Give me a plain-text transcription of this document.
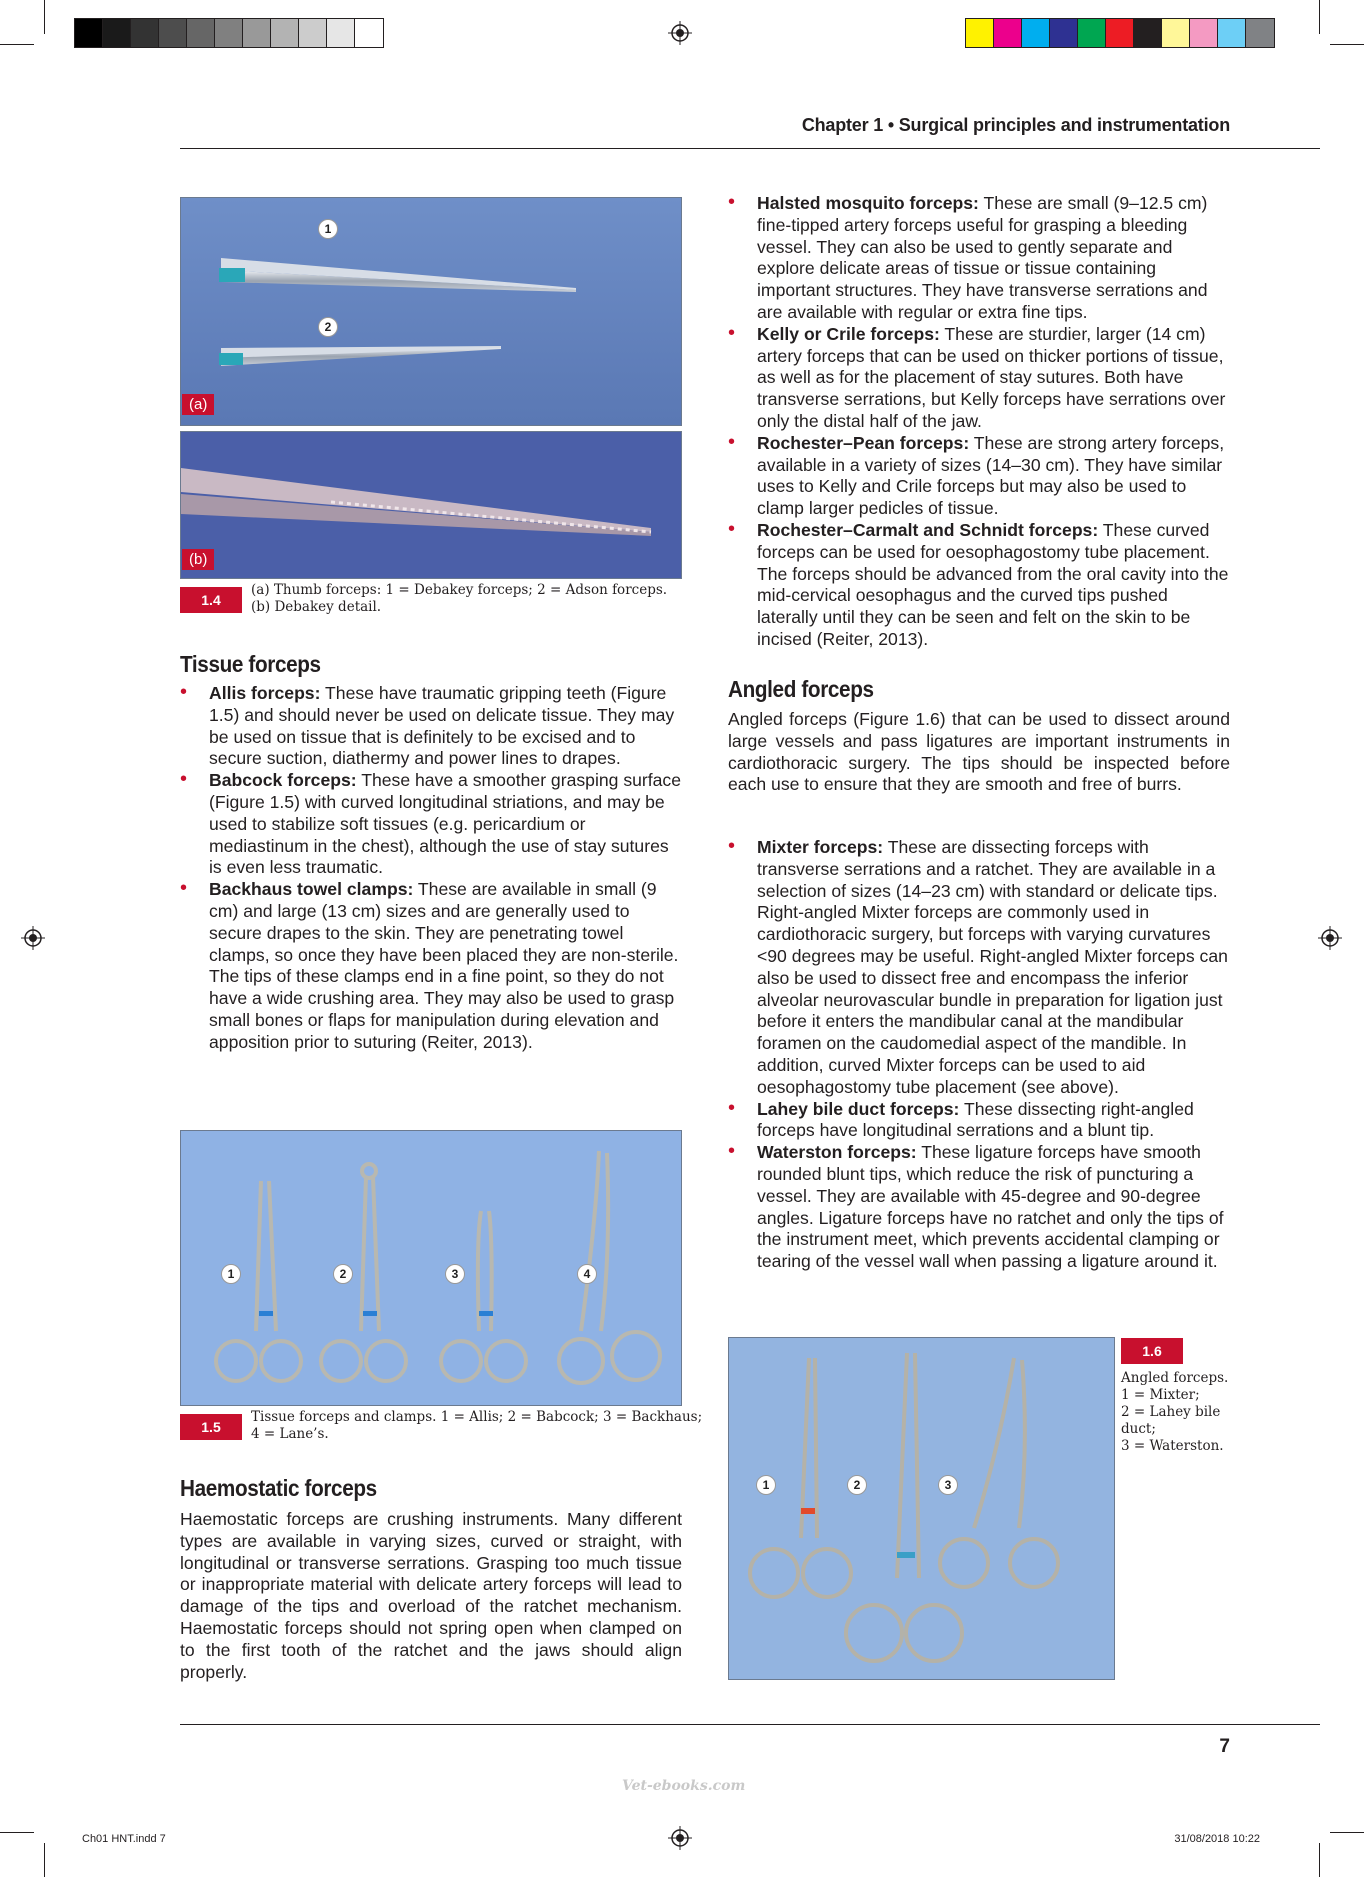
Chapter 1 • Surgical principles and instrumentation
1
2
(a)
(b)
1.4
(a) Thumb forceps: 1 = Debakey forceps; 2 = Adson forceps.
(b) Debakey detail.
Tissue forceps
• Allis forceps: These have traumatic gripping teeth (Figure 1.5) and should never be used on delicate tissue. They may be used on tissue that is definitely to be excised and to secure suction, diathermy and power lines to drapes.
• Babcock forceps: These have a smoother grasping surface (Figure 1.5) with curved longitudinal striations, and may be used to stabilize soft tissues (e.g. pericardium or mediastinum in the chest), although the use of stay sutures is even less traumatic.
• Backhaus towel clamps: These are available in small (9 cm) and large (13 cm) sizes and are generally used to secure drapes to the skin. They are penetrating towel clamps, so once they have been placed they are non-sterile. The tips of these clamps end in a fine point, so they do not have a wide crushing area. They may also be used to grasp small bones or flaps for manipulation during elevation and apposition prior to suturing (Reiter, 2013).
1	2	3	4
1.5
Tissue forceps and clamps. 1 = Allis; 2 = Babcock; 3 = Backhaus;
4 = Lane’s.
Haemostatic forceps
Haemostatic forceps are crushing instruments. Many different types are available in varying sizes, curved or straight, with longitudinal or transverse serrations. Grasping too much tissue or inappropriate material with delicate artery forceps will lead to damage of the tips and overload of the ratchet mechanism. Haemostatic forceps should not spring open when clamped on to the first tooth of the ratchet and the jaws should align properly.
• Halsted mosquito forceps: These are small (9–12.5 cm) fine-tipped artery forceps useful for grasping a bleeding vessel. They can also be used to gently separate and explore delicate areas of tissue or tissue containing important structures. They have transverse serrations and are available with regular or extra fine tips.
• Kelly or Crile forceps: These are sturdier, larger (14 cm) artery forceps that can be used on thicker portions of tissue, as well as for the placement of stay sutures. Both have transverse serrations, but Kelly forceps have serrations over only the distal half of the jaw.
• Rochester–Pean forceps: These are strong artery forceps, available in a variety of sizes (14–30 cm). They have similar uses to Kelly and Crile forceps but may also be used to clamp larger pedicles of tissue.
• Rochester–Carmalt and Schnidt forceps: These curved forceps can be used for oesophagostomy tube placement. The forceps should be advanced from the oral cavity into the mid-cervical oesophagus and the curved tips pushed laterally until they can be seen and felt on the skin to be incised (Reiter, 2013).
Angled forceps
Angled forceps (Figure 1.6) that can be used to dissect around large vessels and pass ligatures are important instruments in cardiothoracic surgery. The tips should be inspected before each use to ensure that they are smooth and free of burrs.
• Mixter forceps: These are dissecting forceps with transverse serrations and a ratchet. They are available in a selection of sizes (14–23 cm) with standard or delicate tips. Right-angled Mixter forceps are commonly used in cardiothoracic surgery, but forceps with varying curvatures <90 degrees may be useful. Right-angled Mixter forceps can also be used to dissect free and encompass the inferior alveolar neurovascular bundle in preparation for ligation just before it enters the mandibular canal at the mandibular foramen on the caudomedial aspect of the mandible. In addition, curved Mixter forceps can be used to aid oesophagostomy tube placement (see above).
• Lahey bile duct forceps: These dissecting right-angled forceps have longitudinal serrations and a blunt tip.
• Waterston forceps: These ligature forceps have smooth rounded blunt tips, which reduce the risk of puncturing a vessel. They are available with 45-degree and 90-degree angles. Ligature forceps have no ratchet and only the tips of the instrument meet, which prevents accidental clamping or tearing of the vessel wall when passing a ligature around it.
1	2	3
1.6
Angled forceps.
1 = Mixter;
2 = Lahey bile
duct;
3 = Waterston.
7
Vet-ebooks.com
Ch01 HNT.indd 7	31/08/2018 10:22
